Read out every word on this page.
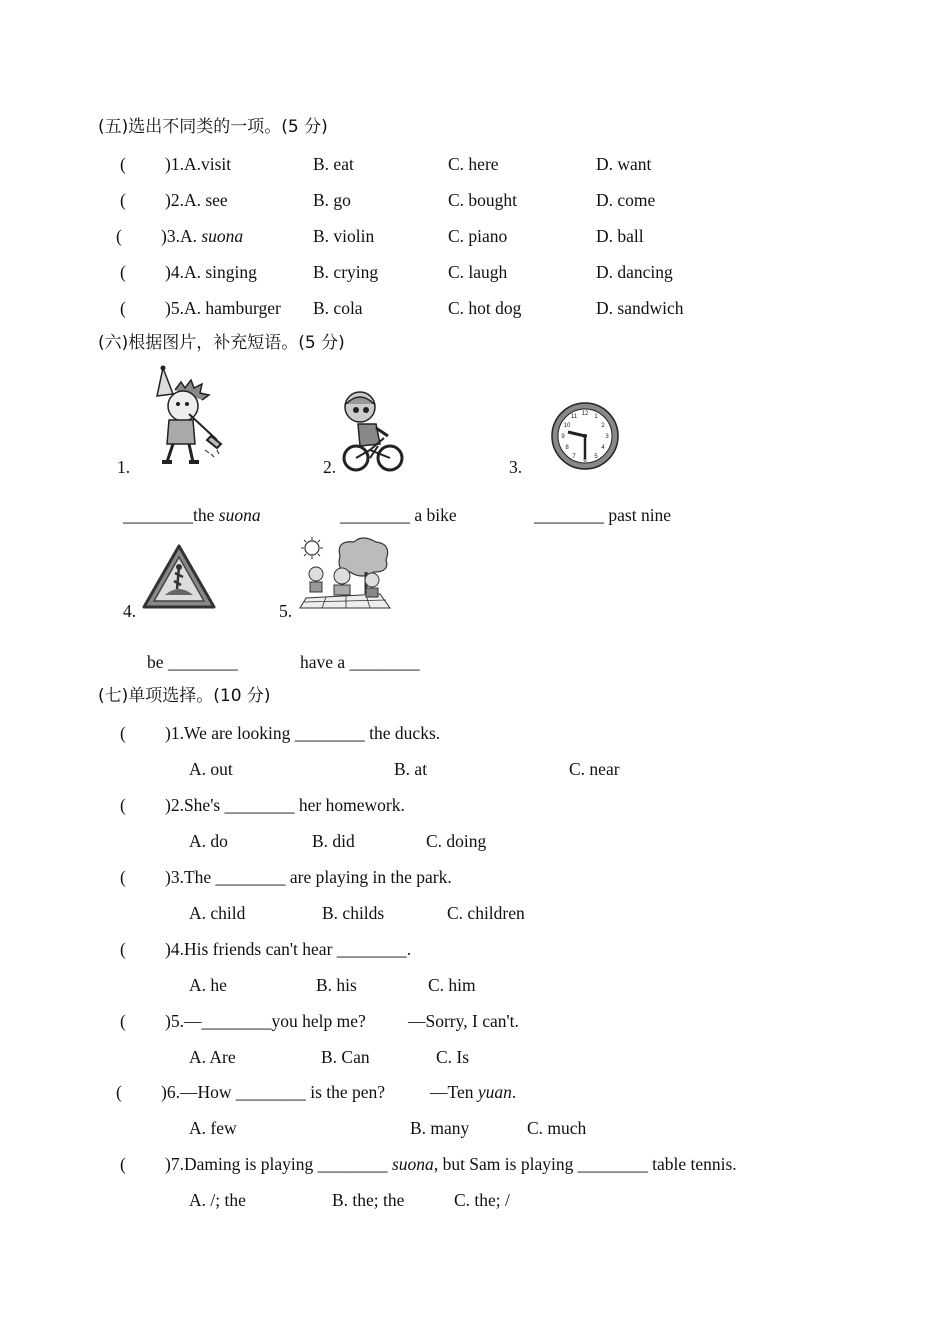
(五)选出不同类的一项。(5 分)
( )1.A.visit	B. eat	C. here	D. want
( )2.A. see	B. go	C. bought	D. come
( )3.A. suona	B. violin	C. piano	D. ball
( )4.A. singing	B. crying	C. laugh	D. dancing
( )5.A. hamburger B. cola	C. hot dog	D. sandwich
(六)根据图片，补充短语。(5 分)
1.	2.
12 1
2
3
4
5
6
7
8
9
10
11
3.
________the suona	________ a bike	________ past nine
4.	5.
be ________	have a ________
(七)单项选择。(10 分)
( )1.We are looking ________ the ducks.
A. out	B. at	C. near
( )2.She's ________ her homework.
A. do	B. did	C. doing
( )3.The ________ are playing in the park.
A. child	B. childs	C. children
( )4.His friends can't hear ________.
A. he	B. his	C. him
( )5.—________you help me? —Sorry, I can't.
A. Are	B. Can	C. Is
( )6.—How ________ is the pen?	—Ten yuan.
A. few	B. many	C. much
( )7.Daming is playing ________ suona, but Sam is playing ________ table tennis.
A. /; the	B. the; the	C. the; /
